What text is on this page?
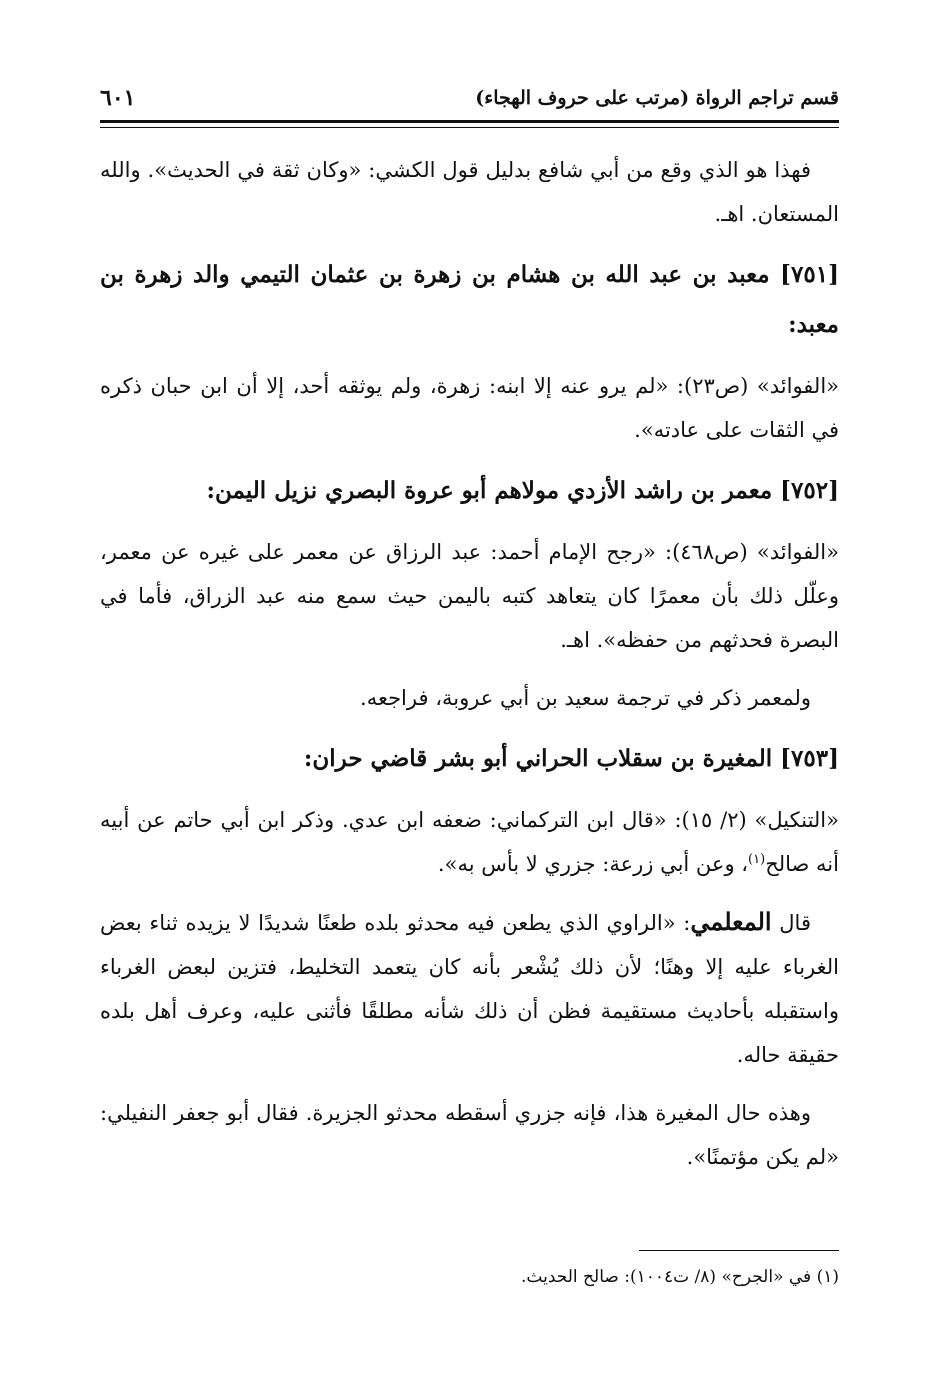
قسم تراجم الرواة (مرتب على حروف الهجاء)
٦٠١

فهذا هو الذي وقع من أبي شافع بدليل قول الكشي: «وكان ثقة في الحديث». والله المستعان. اهـ.

[٧٥١] معبد بن عبد الله بن هشام بن زهرة بن عثمان التيمي والد زهرة بن معبد:

«الفوائد» (ص٢٣): «لم يرو عنه إلا ابنه: زهرة، ولم يوثقه أحد، إلا أن ابن حبان ذكره في الثقات على عادته».

[٧٥٢] معمر بن راشد الأزدي مولاهم أبو عروة البصري نزيل اليمن:

«الفوائد» (ص٤٦٨): «رجح الإمام أحمد: عبد الرزاق عن معمر على غيره عن معمر، وعلّل ذلك بأن معمرًا كان يتعاهد كتبه باليمن حيث سمع منه عبد الزراق، فأما في البصرة فحدثهم من حفظه». اهـ.

ولمعمر ذكر في ترجمة سعيد بن أبي عروبة، فراجعه.

[٧٥٣] المغيرة بن سقلاب الحراني أبو بشر قاضي حران:

«التنكيل» (٢/ ١٥): «قال ابن التركماني: ضعفه ابن عدي. وذكر ابن أبي حاتم عن أبيه أنه صالح$^{(١)}$، وعن أبي زرعة: جزري لا بأس به».

قال المعلمي: «الراوي الذي يطعن فيه محدثو بلده طعنًا شديدًا لا يزيده ثناء بعض الغرباء عليه إلا وهنًا؛ لأن ذلك يُشْعر بأنه كان يتعمد التخليط، فتزين لبعض الغرباء واستقبله بأحاديث مستقيمة فظن أن ذلك شأنه مطلقًا فأثنى عليه، وعرف أهل بلده حقيقة حاله.

وهذه حال المغيرة هذا، فإنه جزري أسقطه محدثو الجزيرة. فقال أبو جعفر النفيلي: «لم يكن مؤتمنًا».

(١) في «الجرح» (٨/ ت١٠٠٤): صالح الحديث.
